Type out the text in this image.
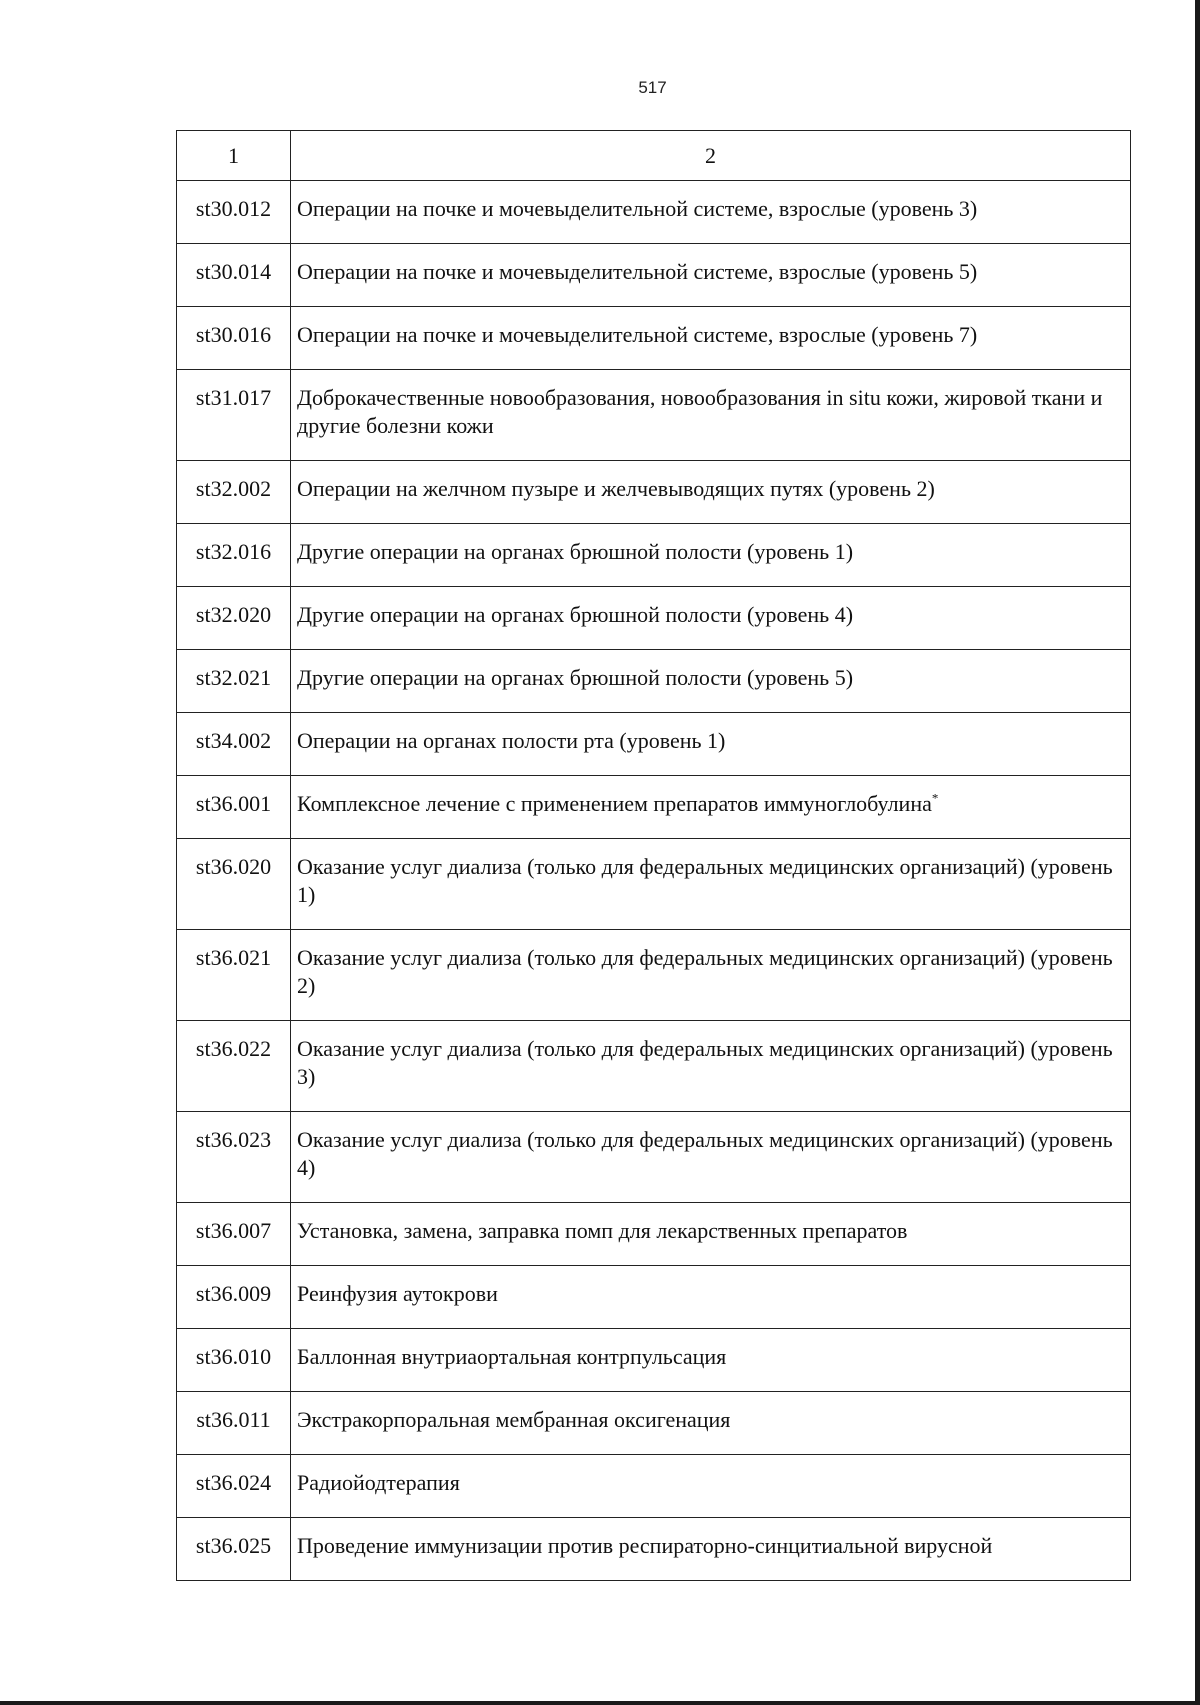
517
1	2
st30.012	Операции на почке и мочевыделительной системе, взрослые (уровень 3)
st30.014	Операции на почке и мочевыделительной системе, взрослые (уровень 5)
st30.016	Операции на почке и мочевыделительной системе, взрослые (уровень 7)
st31.017	Доброкачественные новообразования, новообразования in situ кожи, жировой ткани и другие болезни кожи
st32.002	Операции на желчном пузыре и желчевыводящих путях (уровень 2)
st32.016	Другие операции на органах брюшной полости (уровень 1)
st32.020	Другие операции на органах брюшной полости (уровень 4)
st32.021	Другие операции на органах брюшной полости (уровень 5)
st34.002	Операции на органах полости рта (уровень 1)
st36.001	Комплексное лечение с применением препаратов иммуноглобулина*
st36.020	Оказание услуг диализа (только для федеральных медицинских организаций) (уровень 1)
st36.021	Оказание услуг диализа (только для федеральных медицинских организаций) (уровень 2)
st36.022	Оказание услуг диализа (только для федеральных медицинских организаций) (уровень 3)
st36.023	Оказание услуг диализа (только для федеральных медицинских организаций) (уровень 4)
st36.007	Установка, замена, заправка помп для лекарственных препаратов
st36.009	Реинфузия аутокрови
st36.010	Баллонная внутриаортальная контрпульсация
st36.011	Экстракорпоральная мембранная оксигенация
st36.024	Радиойодтерапия
st36.025	Проведение иммунизации против респираторно-синцитиальной вирусной
